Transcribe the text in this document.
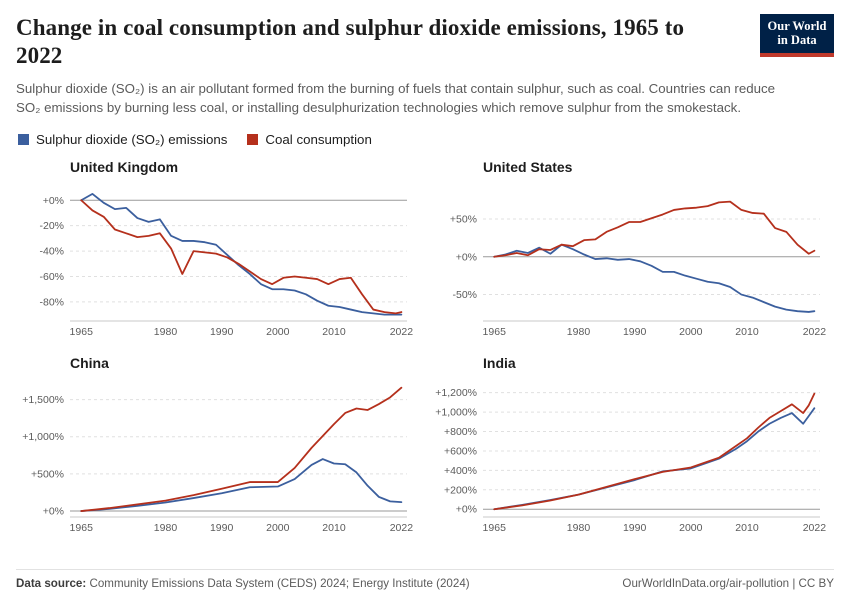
Change in coal consumption and sulphur dioxide emissions, 1965 to 2022

Sulphur dioxide (SO₂) is an air pollutant formed from the burning of fuels that contain sulphur, such as coal. Countries can reduce SO₂ emissions by burning less coal, or installing desulphurization technologies which remove sulphur from the smokestack.

Our World
in Data
Sulphur dioxide (SO₂) emissions	Coal consumption
United Kingdom
+0%
-20%
-40%
-60%
-80%
1965	1980	1990	2000	2010	2022
United States
+50%
+0%
-50%
1965	1980	1990	2000	2010	2022
China
+1,500%
+1,000%
+500%
+0%
1965	1980	1990	2000	2010	2022
India
+1,200%
+1,000%
+800%
+600%
+400%
+200%
+0%
1965	1980	1990	2000	2010	2022
Data source: Community Emissions Data System (CEDS) 2024; Energy Institute (2024)	OurWorldInData.org/air-pollution | CC BY
